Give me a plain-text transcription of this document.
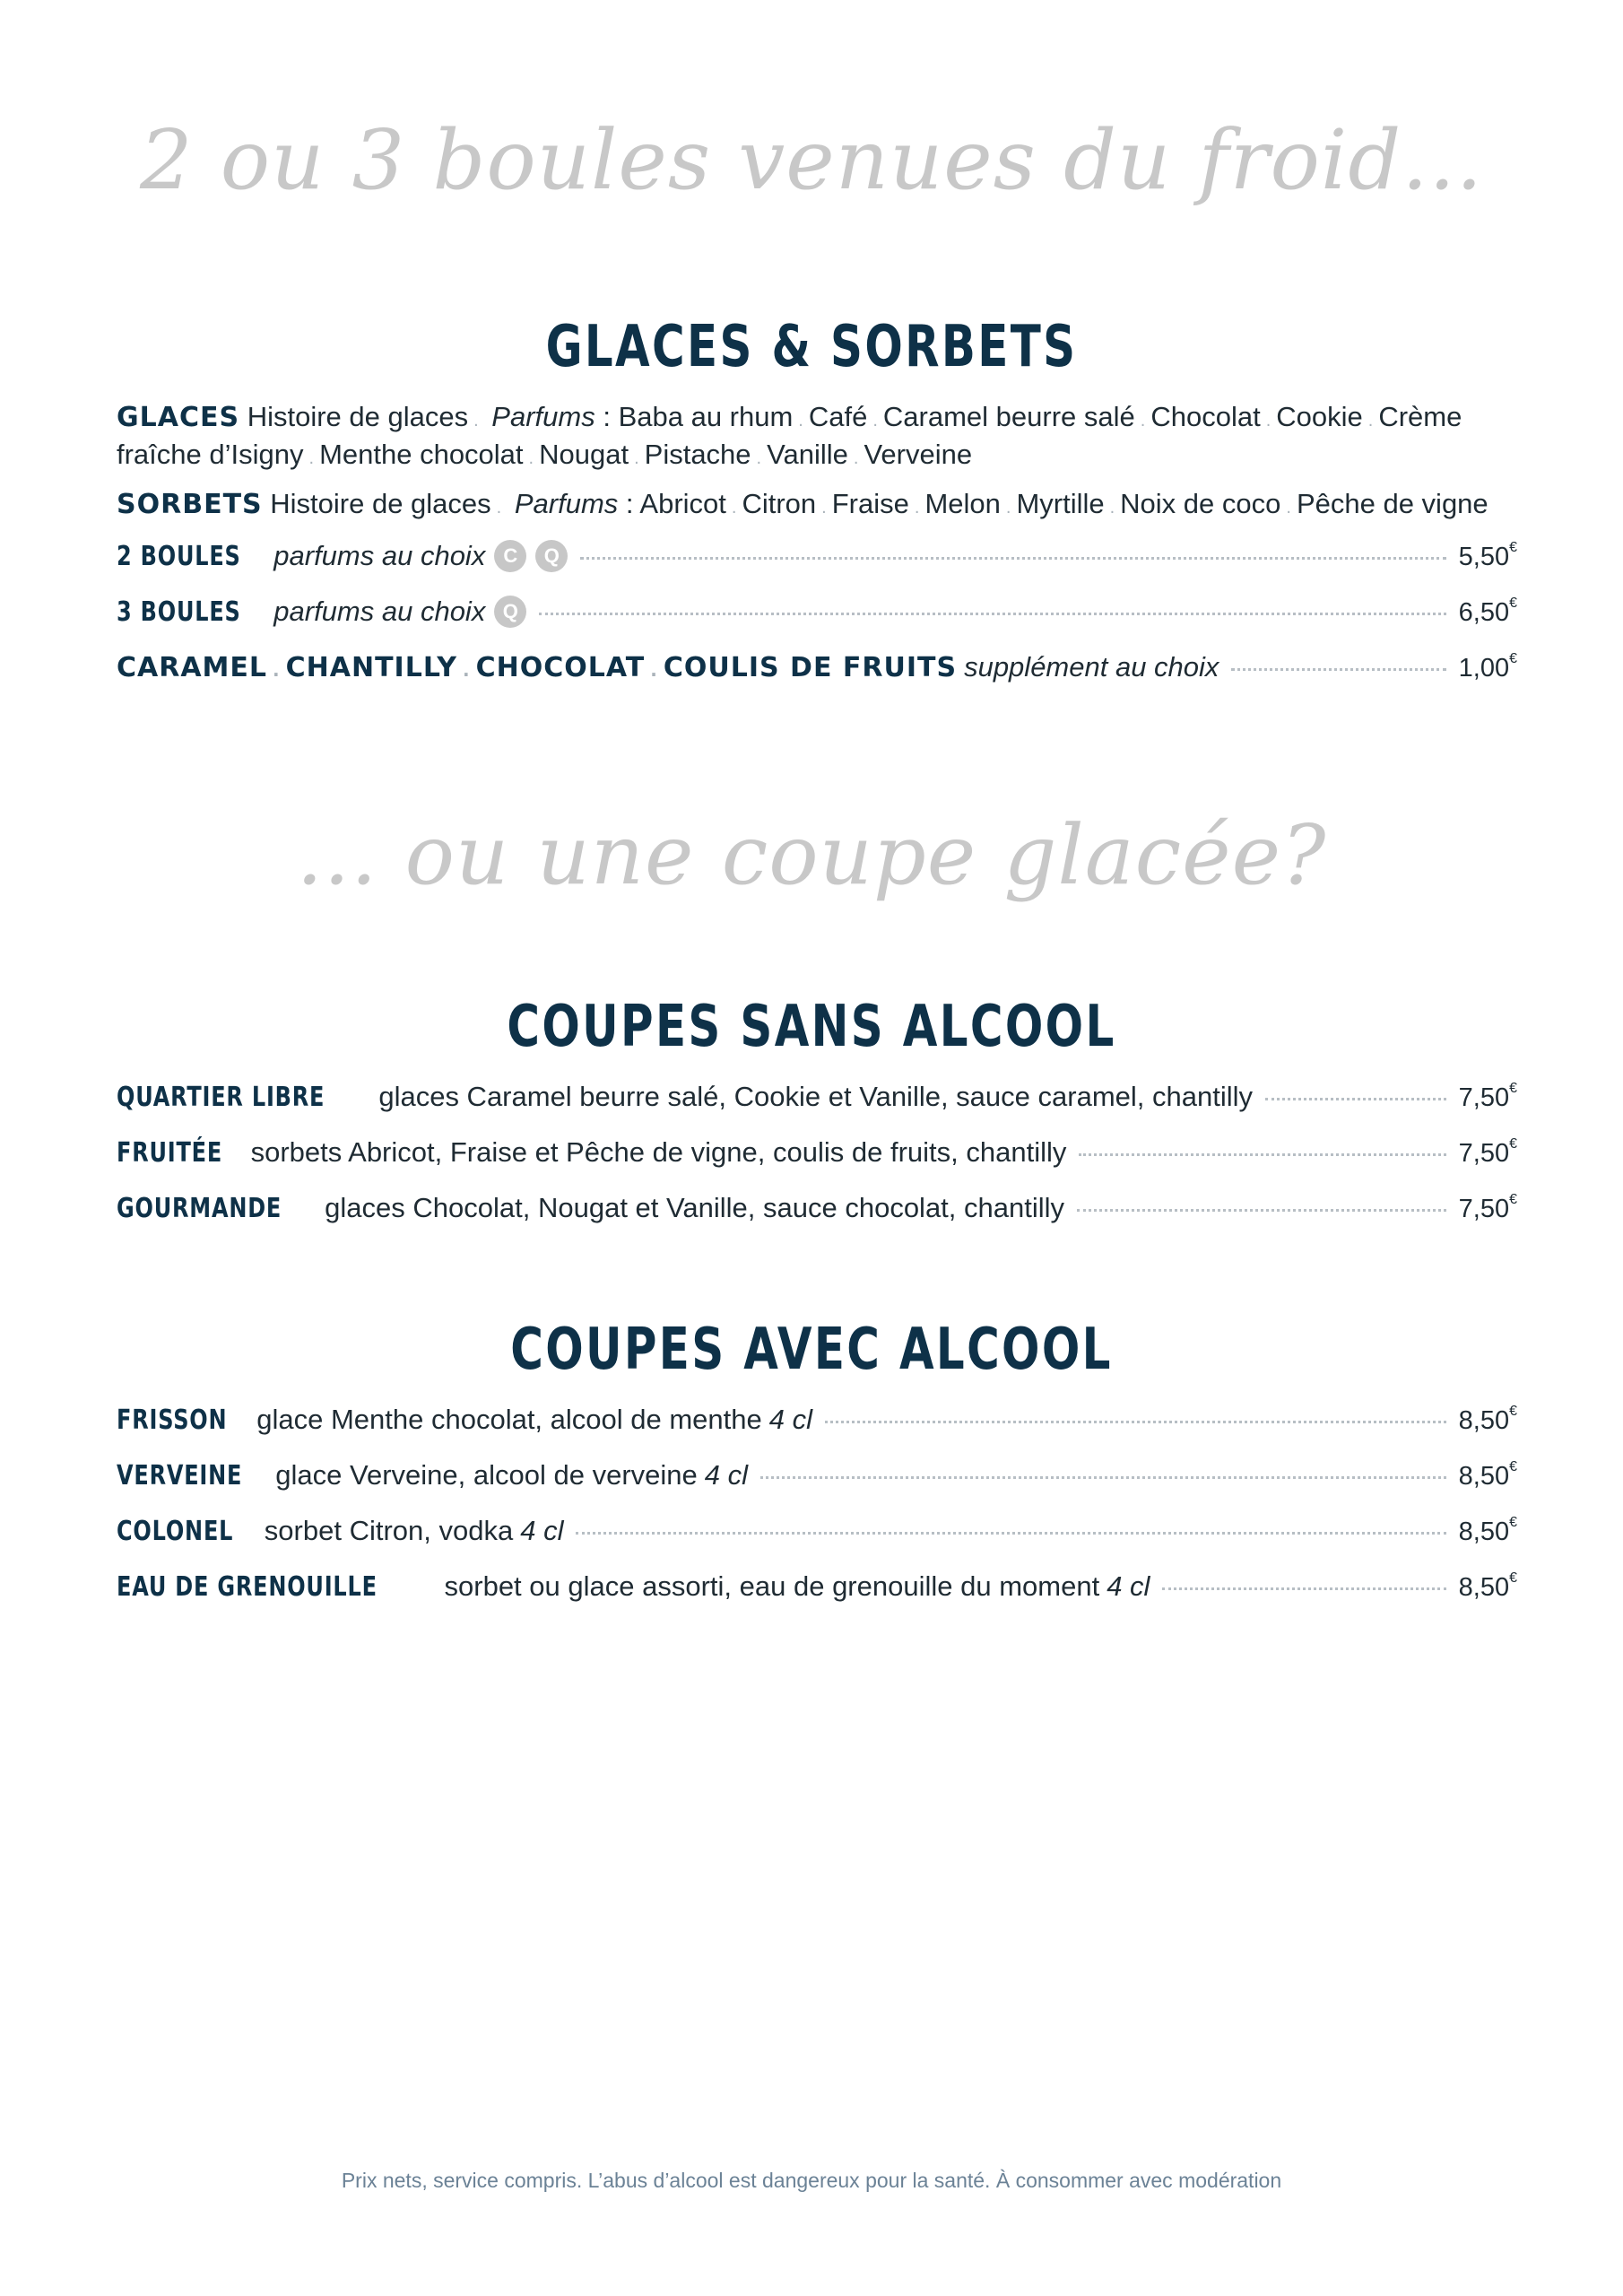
2 ou 3 boules venues du froid...
GLACES & SORBETS
GLACES Histoire de glaces . Parfums : Baba au rhum . Café . Caramel beurre salé . Chocolat . Cookie . Crème fraîche d’Isigny . Menthe chocolat . Nougat . Pistache . Vanille . Verveine
SORBETS Histoire de glaces . Parfums : Abricot . Citron . Fraise . Melon . Myrtille . Noix de coco . Pêche de vigne
2 BOULES parfums au choix C	Q	5,50€
3 BOULES parfums au choix Q	6,50€
CARAMEL . CHANTILLY . CHOCOLAT . COULIS DE FRUITS supplément au choix	1,00€
... ou une coupe glacée?
COUPES SANS ALCOOL
QUARTIER LIBRE glaces Caramel beurre salé, Cookie et Vanille, sauce caramel, chantilly	7,50€
FRUITÉE sorbets Abricot, Fraise et Pêche de vigne, coulis de fruits, chantilly	7,50€
GOURMANDE glaces Chocolat, Nougat et Vanille, sauce chocolat, chantilly	7,50€
COUPES AVEC ALCOOL
FRISSON glace Menthe chocolat, alcool de menthe 4 cl	8,50€
VERVEINE glace Verveine, alcool de verveine 4 cl	8,50€
COLONEL sorbet Citron, vodka 4 cl	8,50€
EAU DE GRENOUILLE sorbet ou glace assorti, eau de grenouille du moment 4 cl	8,50€
Prix nets, service compris. L’abus d’alcool est dangereux pour la santé. À consommer avec modération
